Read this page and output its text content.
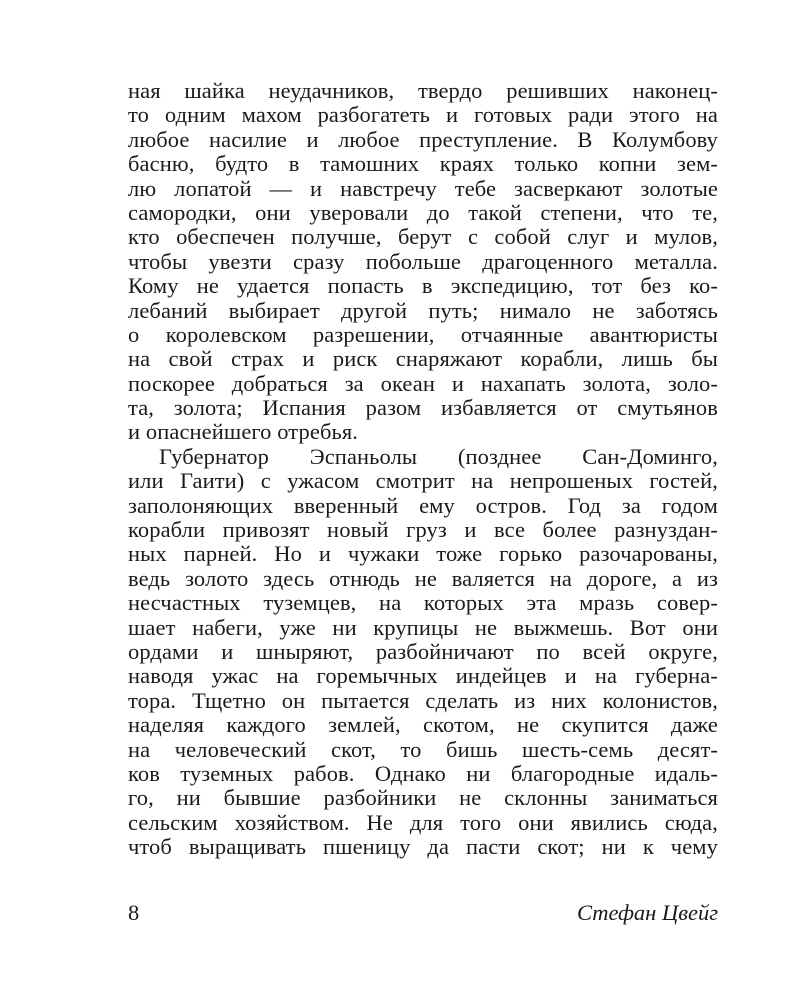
ная шайка неудачников, твердо решивших наконец-
то одним махом разбогатеть и готовых ради этого на
любое насилие и любое преступление. В Колумбову
басню, будто в тамошних краях только копни зем-
лю лопатой — и навстречу тебе засверкают золотые
самородки, они уверовали до такой степени, что те,
кто обеспечен получше, берут с собой слуг и мулов,
чтобы увезти сразу побольше драгоценного металла.
Кому не удается попасть в экспедицию, тот без ко-
лебаний выбирает другой путь; нимало не заботясь
о королевском разрешении, отчаянные авантюристы
на свой страх и риск снаряжают корабли, лишь бы
поскорее добраться за океан и нахапать золота, золо-
та, золота; Испания разом избавляется от смутьянов
и опаснейшего отребья.
Губернатор Эспаньолы (позднее Сан-Доминго,
или Гаити) с ужасом смотрит на непрошеных гостей,
заполоняющих вверенный ему остров. Год за годом
корабли привозят новый груз и все более разнуздан-
ных парней. Но и чужаки тоже горько разочарованы,
ведь золото здесь отнюдь не валяется на дороге, а из
несчастных туземцев, на которых эта мразь совер-
шает набеги, уже ни крупицы не выжмешь. Вот они
ордами и шныряют, разбойничают по всей округе,
наводя ужас на горемычных индейцев и на губерна-
тора. Тщетно он пытается сделать из них колонистов,
наделяя каждого землей, скотом, не скупится даже
на человеческий скот, то бишь шесть-семь десят-
ков туземных рабов. Однако ни благородные идаль-
го, ни бывшие разбойники не склонны заниматься
сельским хозяйством. Не для того они явились сюда,
чтоб выращивать пшеницу да пасти скот; ни к чему
8	Стефан Цвейг
